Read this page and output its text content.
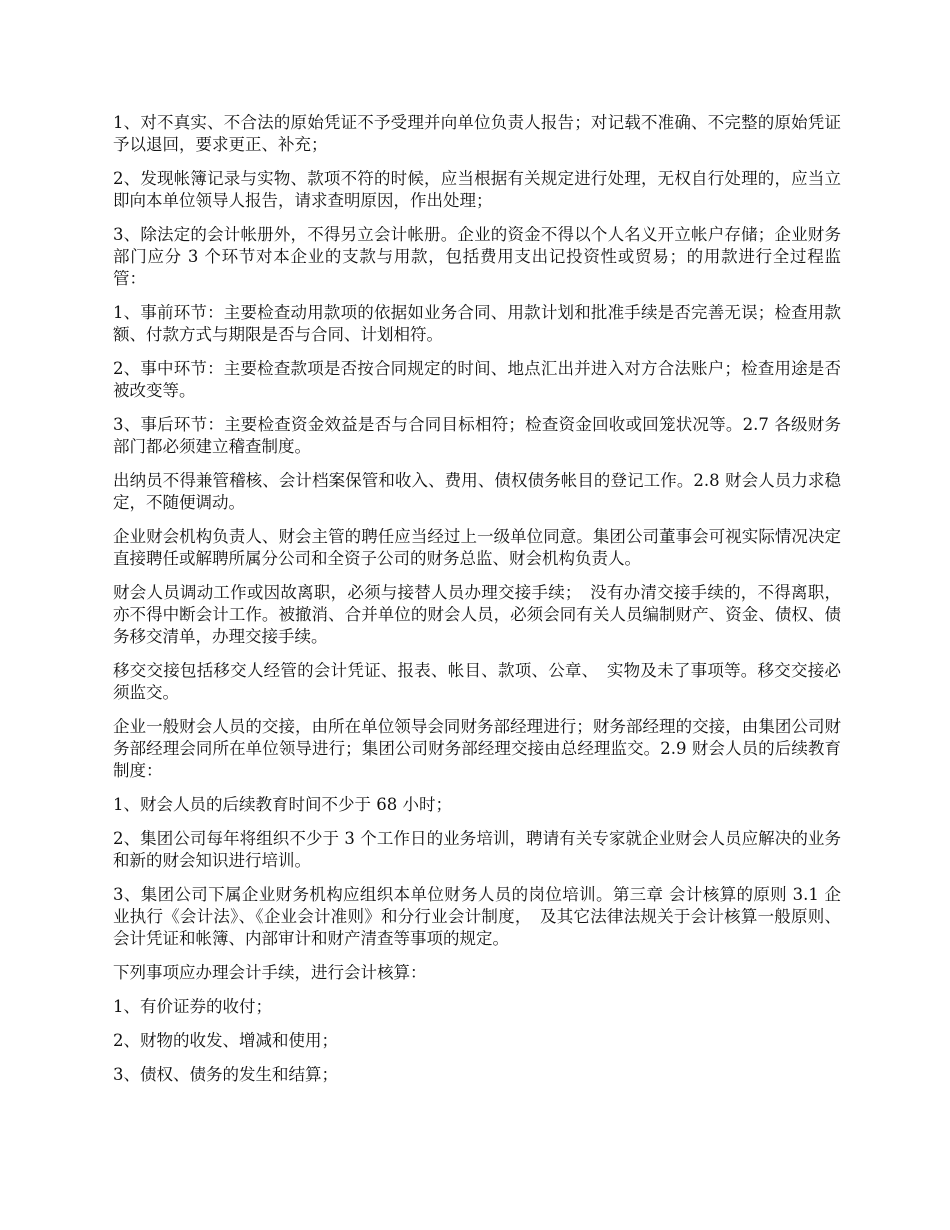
1、对不真实、不合法的原始凭证不予受理并向单位负责人报告；对记载不准确、不完整的原始凭证予以退回，要求更正、补充；

2、发现帐簿记录与实物、款项不符的时候，应当根据有关规定进行处理，无权自行处理的，应当立即向本单位领导人报告，请求查明原因，作出处理；

3、除法定的会计帐册外，不得另立会计帐册。企业的资金不得以个人名义开立帐户存储；企业财务部门应分 3 个环节对本企业的支款与用款，包括费用支出记投资性或贸易；的用款进行全过程监管：

1、事前环节：主要检查动用款项的依据如业务合同、用款计划和批准手续是否完善无误；检查用款额、付款方式与期限是否与合同、计划相符。

2、事中环节：主要检查款项是否按合同规定的时间、地点汇出并进入对方合法账户；检查用途是否被改变等。

3、事后环节：主要检查资金效益是否与合同目标相符；检查资金回收或回笼状况等。2.7 各级财务部门都必须建立稽查制度。

出纳员不得兼管稽核、会计档案保管和收入、费用、债权债务帐目的登记工作。2.8 财会人员力求稳定，不随便调动。

企业财会机构负责人、财会主管的聘任应当经过上一级单位同意。集团公司董事会可视实际情况决定直接聘任或解聘所属分公司和全资子公司的财务总监、财会机构负责人。

财会人员调动工作或因故离职，必须与接替人员办理交接手续；　没有办清交接手续的，不得离职，亦不得中断会计工作。被撤消、合并单位的财会人员，必须会同有关人员编制财产、资金、债权、债务移交清单，办理交接手续。

移交交接包括移交人经管的会计凭证、报表、帐目、款项、公章、　实物及未了事项等。移交交接必须监交。

企业一般财会人员的交接，由所在单位领导会同财务部经理进行；财务部经理的交接，由集团公司财务部经理会同所在单位领导进行；集团公司财务部经理交接由总经理监交。2.9 财会人员的后续教育制度：

1、财会人员的后续教育时间不少于 68 小时；

2、集团公司每年将组织不少于 3 个工作日的业务培训，聘请有关专家就企业财会人员应解决的业务和新的财会知识进行培训。

3、集团公司下属企业财务机构应组织本单位财务人员的岗位培训。第三章 会计核算的原则 3.1 企业执行《会计法》、《企业会计准则》和分行业会计制度，　及其它法律法规关于会计核算一般原则、会计凭证和帐簿、内部审计和财产清查等事项的规定。

下列事项应办理会计手续，进行会计核算：

1、有价证券的收付；

2、财物的收发、增减和使用；

3、债权、债务的发生和结算；
